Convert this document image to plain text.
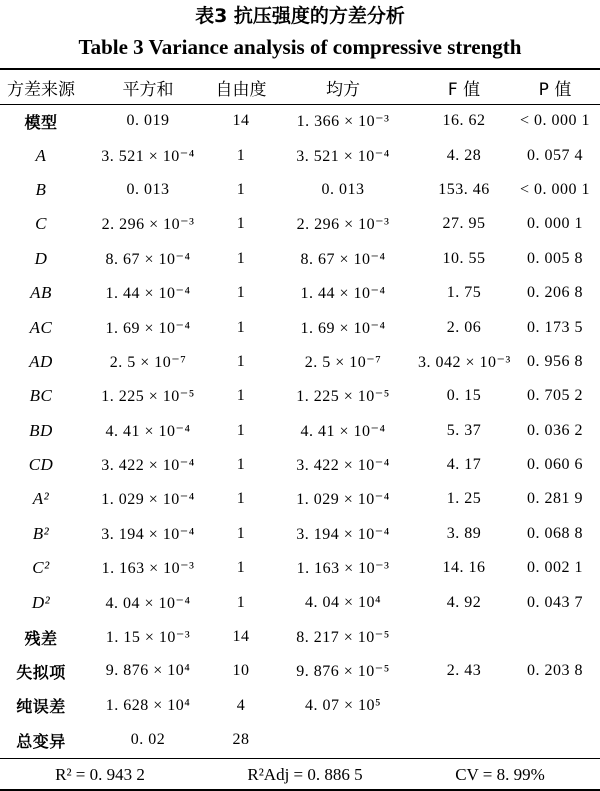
表3 抗压强度的方差分析
Table 3 Variance analysis of compressive strength
方差来源	平方和	自由度	均方	F 值	P 值
模型	0. 019	14	1. 366 × 10⁻³	16. 62	< 0. 000 1
A	3. 521 × 10⁻⁴	1	3. 521 × 10⁻⁴	4. 28	0. 057 4
B	0. 013	1	0. 013	153. 46	< 0. 000 1
C	2. 296 × 10⁻³	1	2. 296 × 10⁻³	27. 95	0. 000 1
D	8. 67 × 10⁻⁴	1	8. 67 × 10⁻⁴	10. 55	0. 005 8
AB	1. 44 × 10⁻⁴	1	1. 44 × 10⁻⁴	1. 75	0. 206 8
AC	1. 69 × 10⁻⁴	1	1. 69 × 10⁻⁴	2. 06	0. 173 5
AD	2. 5 × 10⁻⁷	1	2. 5 × 10⁻⁷	3. 042 × 10⁻³	0. 956 8
BC	1. 225 × 10⁻⁵	1	1. 225 × 10⁻⁵	0. 15	0. 705 2
BD	4. 41 × 10⁻⁴	1	4. 41 × 10⁻⁴	5. 37	0. 036 2
CD	3. 422 × 10⁻⁴	1	3. 422 × 10⁻⁴	4. 17	0. 060 6
A²	1. 029 × 10⁻⁴	1	1. 029 × 10⁻⁴	1. 25	0. 281 9
B²	3. 194 × 10⁻⁴	1	3. 194 × 10⁻⁴	3. 89	0. 068 8
C²	1. 163 × 10⁻³	1	1. 163 × 10⁻³	14. 16	0. 002 1
D²	4. 04 × 10⁻⁴	1	4. 04 × 10⁴	4. 92	0. 043 7
残差	1. 15 × 10⁻³	14	8. 217 × 10⁻⁵		
失拟项	9. 876 × 10⁴	10	9. 876 × 10⁻⁵	2. 43	0. 203 8
纯误差	1. 628 × 10⁴	4	4. 07 × 10⁵		
总变异	0. 02	28			
R² = 0. 943 2	R²Adj = 0. 886 5	CV = 8. 99%
